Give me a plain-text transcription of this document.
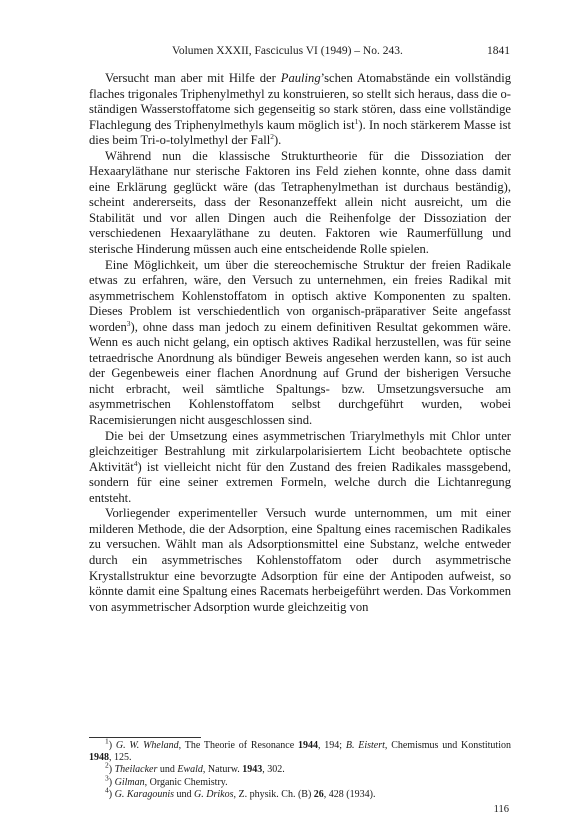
Volumen XXXII, Fasciculus VI (1949) – No. 243.	1841

Versucht man aber mit Hilfe der Pauling’schen Atomabstände ein vollständig flaches trigonales Triphenylmethyl zu konstruieren, so stellt sich heraus, dass die o-ständigen Wasserstoffatome sich gegenseitig so stark stören, dass eine vollständige Flachlegung des Triphenylmethyls kaum möglich ist$^1$). In noch stärkerem Masse ist dies beim Tri-o-tolylmethyl der Fall$^2$).

Während nun die klassische Strukturtheorie für die Dissoziation der Hexaaryläthane nur sterische Faktoren ins Feld ziehen konnte, ohne dass damit eine Erklärung geglückt wäre (das Tetraphenylmethan ist durchaus beständig), scheint andererseits, dass der Resonanzeffekt allein nicht ausreicht, um die Stabilität und vor allen Dingen auch die Reihenfolge der Dissoziation der verschiedenen Hexaaryläthane zu deuten. Faktoren wie Raumerfüllung und sterische Hinderung müssen auch eine entscheidende Rolle spielen.

Eine Möglichkeit, um über die stereochemische Struktur der freien Radikale etwas zu erfahren, wäre, den Versuch zu unternehmen, ein freies Radikal mit asymmetrischem Kohlenstoffatom in optisch aktive Komponenten zu spalten. Dieses Problem ist verschiedentlich von organisch-präparativer Seite angefasst worden$^3$), ohne dass man jedoch zu einem definitiven Resultat gekommen wäre. Wenn es auch nicht gelang, ein optisch aktives Radikal herzustellen, was für seine tetraedrische Anordnung als bündiger Beweis angesehen werden kann, so ist auch der Gegenbeweis einer flachen Anordnung auf Grund der bisherigen Versuche nicht erbracht, weil sämtliche Spaltungs- bzw. Umsetzungsversuche am asymmetrischen Kohlenstoffatom selbst durchgeführt wurden, wobei Racemisierungen nicht ausgeschlossen sind.

Die bei der Umsetzung eines asymmetrischen Triarylmethyls mit Chlor unter gleichzeitiger Bestrahlung mit zirkularpolarisiertem Licht beobachtete optische Aktivität$^4$) ist vielleicht nicht für den Zustand des freien Radikales massgebend, sondern für eine seiner extremen Formeln, welche durch die Lichtanregung entsteht.

Vorliegender experimenteller Versuch wurde unternommen, um mit einer milderen Methode, die der Adsorption, eine Spaltung eines racemischen Radikales zu versuchen. Wählt man als Adsorptionsmittel eine Substanz, welche entweder durch ein asymmetrisches Kohlenstoffatom oder durch asymmetrische Krystallstruktur eine bevorzugte Adsorption für eine der Antipoden aufweist, so könnte damit eine Spaltung eines Racemats herbeigeführt werden. Das Vorkommen von asymmetrischer Adsorption wurde gleichzeitig von

$^1$) G. W. Wheland, The Theorie of Resonance 1944, 194; B. Eistert, Chemismus und Konstitution 1948, 125.

$^2$) Theilacker und Ewald, Naturw. 1943, 302.

$^3$) Gilman, Organic Chemistry.

$^4$) G. Karagounis und G. Drikos, Z. physik. Ch. (B) 26, 428 (1934).

116
